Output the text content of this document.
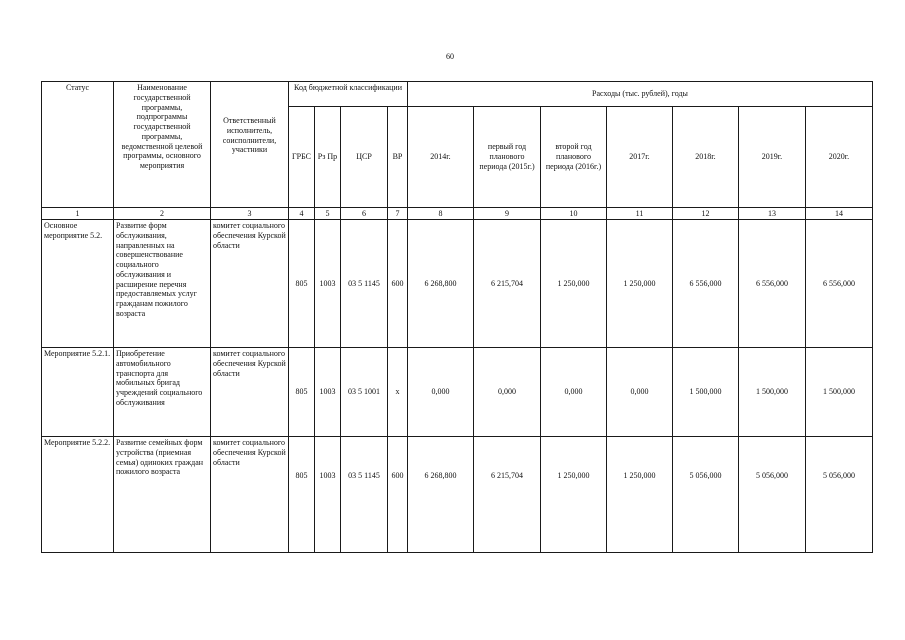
60
Статус	Наименование государственной программы, подпрограммы государственной программы, ведомственной целевой программы, основного мероприятия	Ответственный исполнитель, соисполнители, участники	Код бюджетной классификации				Расходы (тыс. рублей), годы						
			ГРБС	Рз Пр	ЦСР	ВР	2014г.	первый год планового периода (2015г.)	второй год планового периода (2016г.)	2017г.	2018г.	2019г.	2020г.
1	2	3	4	5	6	7	8	9	10	11	12	13	14
Основное мероприятие 5.2.	Развитие форм обслуживания, направленных на совершенствование социального обслуживания и расширение перечня предоставляемых услуг гражданам пожилого возраста	комитет социального обеспечения Курской области	805	1003	03 5 1145	600	6 268,800	6 215,704	1 250,000	1 250,000	6 556,000	6 556,000	6 556,000
Мероприятие 5.2.1.	Приобретение автомобильного транспорта для мобильных бригад учреждений социального обслуживания	комитет социального обеспечения Курской области	805	1003	03 5 1001	х	0,000	0,000	0,000	0,000	1 500,000	1 500,000	1 500,000
Мероприятие 5.2.2.	Развитие семейных форм устройства (приемная семья) одиноких граждан пожилого возраста	комитет социального обеспечения Курской области	805	1003	03 5 1145	600	6 268,800	6 215,704	1 250,000	1 250,000	5 056,000	5 056,000	5 056,000
